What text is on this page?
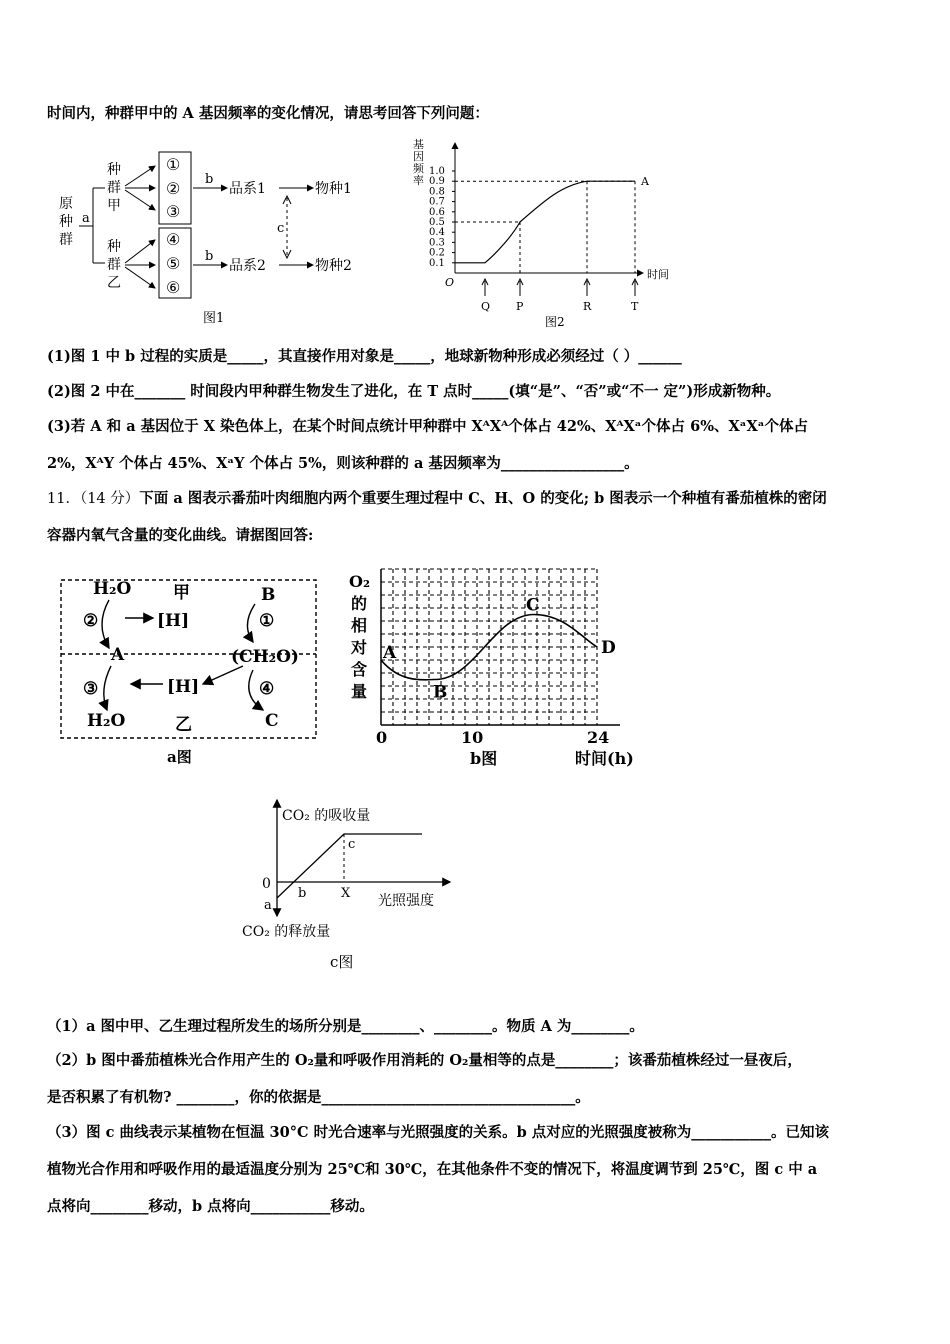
时间内，种群甲中的 A 基因频率的变化情况，请思考回答下列问题：
原
种
群
a
种
群
甲
种
群
乙
①
②
③
④
⑤
⑥
b
b
品系1
品系2
物种1
物种2
c
图1
基
因
频
率
O
时间
1.0
0.9
0.8
0.7
0.6
0.5
0.4
0.3
0.2
0.1
A
Q P	R	T
图2
(1)图 1 中 b 过程的实质是_____，其直接作用对象是_____，地球新物种形成必须经过（ ）______
(2)图 2 中在_______ 时间段内甲种群生物发生了进化，在 T 点时_____(填“是”、“否”或“不一 定”)形成新物种。
(3)若 A 和 a 基因位于 X 染色体上，在某个时间点统计甲种群中 XᴬXᴬ个体占 42%、XᴬXᵃ个体占 6%、XᵃXᵃ个体占
2%，XᴬY 个体占 45%、XᵃY 个体占 5%，则该种群的 a 基因频率为_________________。
11．（14 分）下面 a 图表示番茄叶肉细胞内两个重要生理过程中 C、H、O 的变化; b 图表示一个种植有番茄植株的密闭
容器内氧气含量的变化曲线。请据图回答:
H₂O 甲	B
②	[H]	①
A	(CH₂O)
③	[H]	④
H₂O	乙	C
a图
O₂
的
相
对
含
量
A
B
C
D
0	10	24
时间(h)
b图
CO₂ 的吸收量
CO₂ 的释放量
光照强度
0
a
b	X
c
c图
（1）a 图中甲、乙生理过程所发生的场所分别是________、________。物质 A 为________。
（2）b 图中番茄植株光合作用产生的 O₂量和呼吸作用消耗的 O₂量相等的点是________；该番茄植株经过一昼夜后，
是否积累了有机物? ________，你的依据是___________________________________。
（3）图 c 曲线表示某植物在恒温 30°C 时光合速率与光照强度的关系。b 点对应的光照强度被称为___________。已知该
植物光合作用和呼吸作用的最适温度分别为 25℃和 30℃，在其他条件不变的情况下，将温度调节到 25℃，图 c 中 a
点将向________移动，b 点将向___________移动。
